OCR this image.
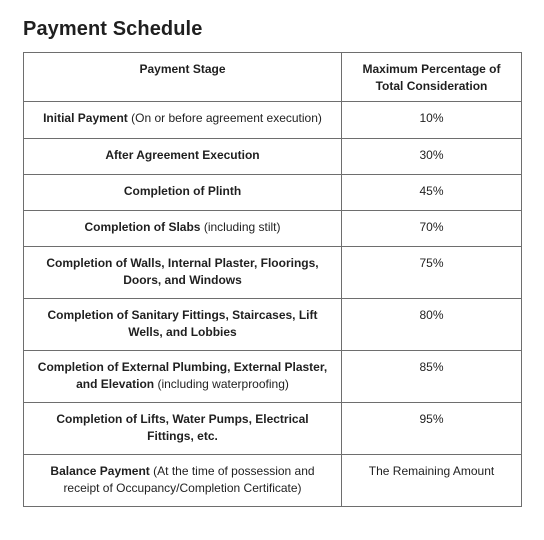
Payment Schedule
Payment Stage	Maximum Percentage of Total Consideration
Initial Payment (On or before agreement execution)	10%
After Agreement Execution	30%
Completion of Plinth	45%
Completion of Slabs (including stilt)	70%
Completion of Walls, Internal Plaster, Floorings, Doors, and Windows	75%
Completion of Sanitary Fittings, Staircases, Lift Wells, and Lobbies	80%
Completion of External Plumbing, External Plaster, and Elevation (including waterproofing)	85%
Completion of Lifts, Water Pumps, Electrical Fittings, etc.	95%
Balance Payment (At the time of possession and receipt of Occupancy/Completion Certificate)	The Remaining Amount
